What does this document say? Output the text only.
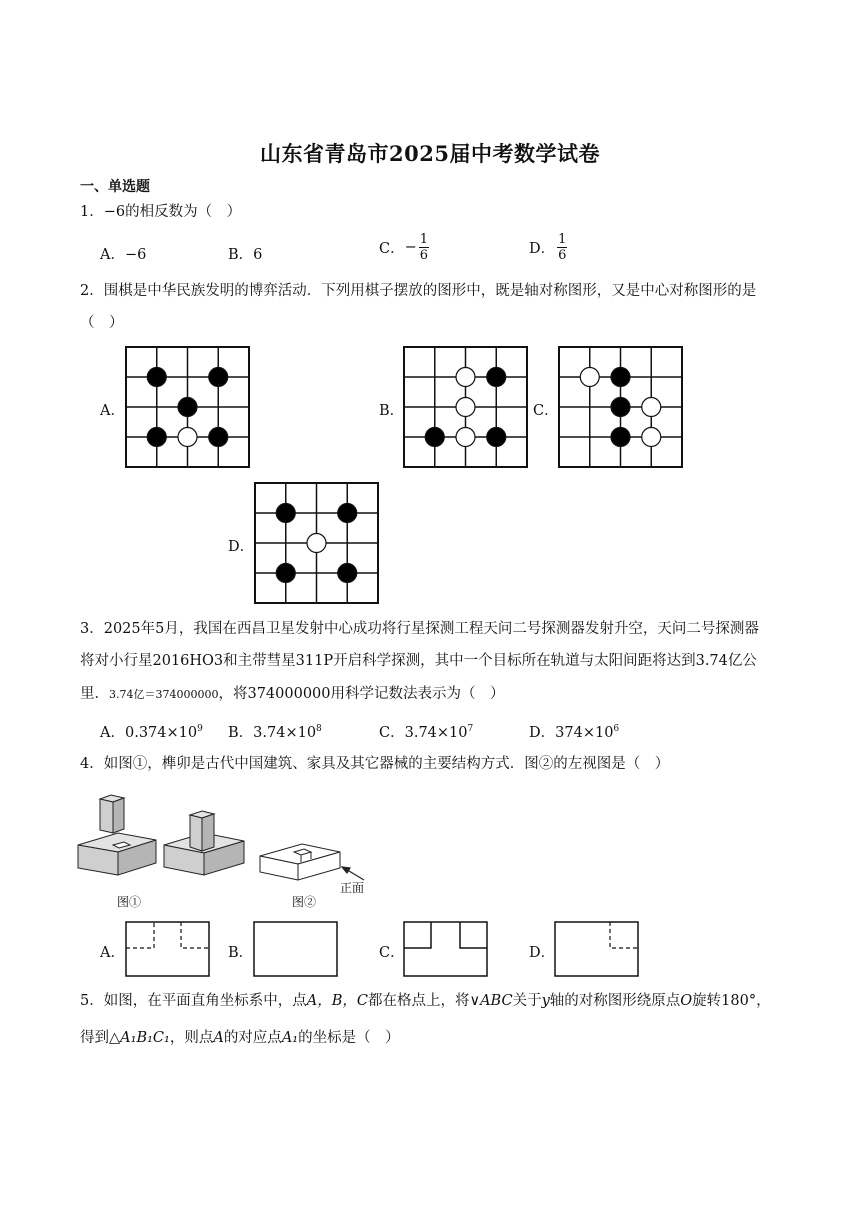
山东省青岛市2025届中考数学试卷
一、单选题
1．−6的相反数为（　）
A．−6	B．6	C．− $\frac{1}{6}$	D． $\frac{1}{6}$
2．围棋是中华民族发明的博弈活动．下列用棋子摆放的图形中，既是轴对称图形，又是中心对称图形的是
（　）
A．	B．	C．
D．
3．2025年5月，我国在西昌卫星发射中心成功将行星探测工程天问二号探测器发射升空，天问二号探测器
将对小行星2016HO3和主带彗星311P开启科学探测，其中一个目标所在轨道与太阳间距将达到3.74亿公
里．3.74亿＝374000000，将374000000用科学记数法表示为（　）
A．$0.374\times 10^9$ B．$3.74\times 10^8$	C．$3.74\times 10^7$	D．$374\times 10^6$
4．如图①，榫卯是古代中国建筑、家具及其它器械的主要结构方式．图②的左视图是（　）
图①
正面
图②
A．	B．	C．	D．
5．如图，在平面直角坐标系中，点A，B，C都在格点上，将∨ABC关于y轴的对称图形绕原点O旋转180°，
得到△A₁B₁C₁，则点A的对应点A₁的坐标是（　）
